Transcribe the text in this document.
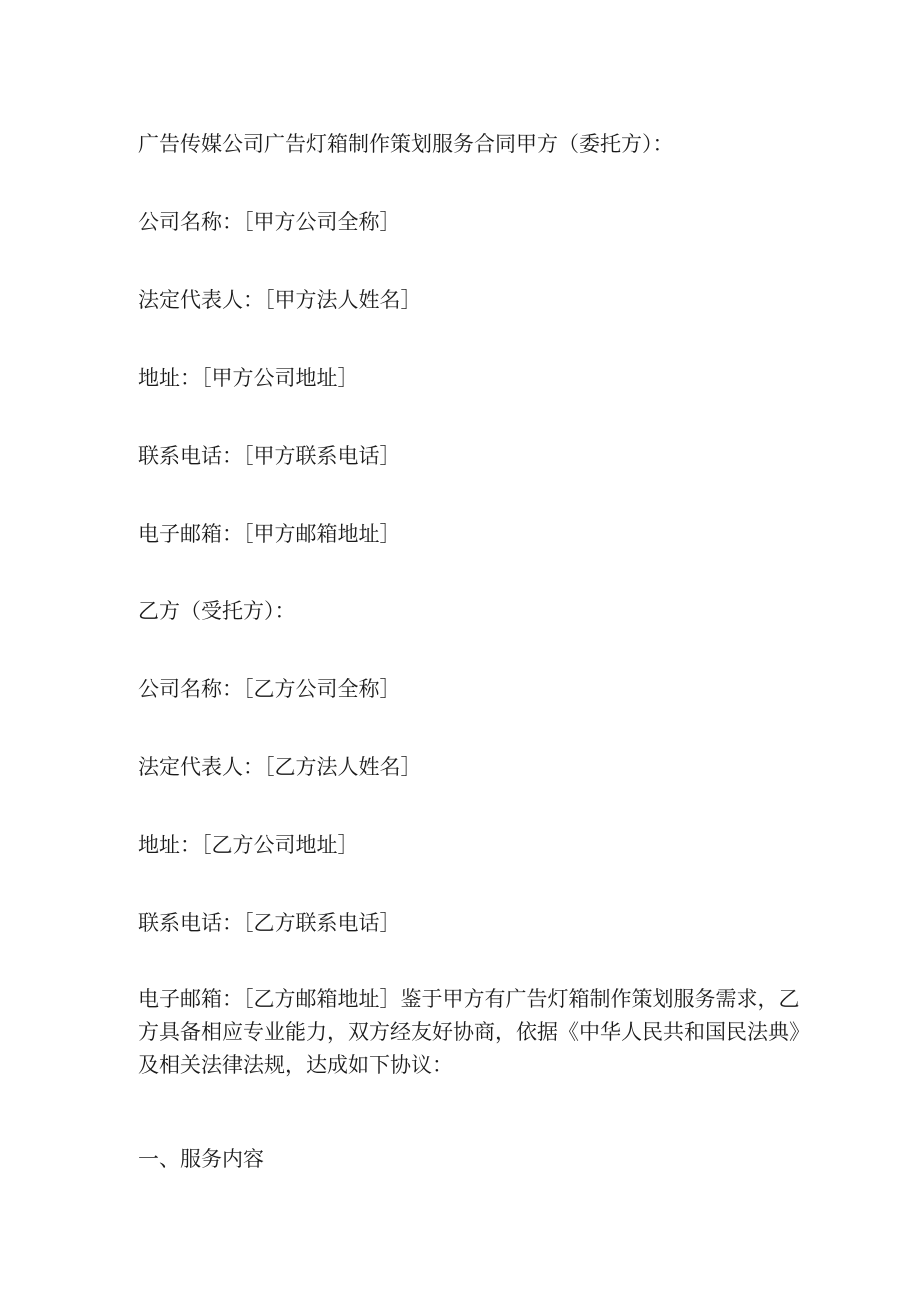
广告传媒公司广告灯箱制作策划服务合同甲方（委托方）：
公司名称：［甲方公司全称］
法定代表人：［甲方法人姓名］
地址：［甲方公司地址］
联系电话：［甲方联系电话］
电子邮箱：［甲方邮箱地址］
乙方（受托方）：
公司名称：［乙方公司全称］
法定代表人：［乙方法人姓名］
地址：［乙方公司地址］
联系电话：［乙方联系电话］
电子邮箱：［乙方邮箱地址］鉴于甲方有广告灯箱制作策划服务需求，乙
方具备相应专业能力，双方经友好协商，依据《中华人民共和国民法典》
及相关法律法规，达成如下协议：
一、服务内容
